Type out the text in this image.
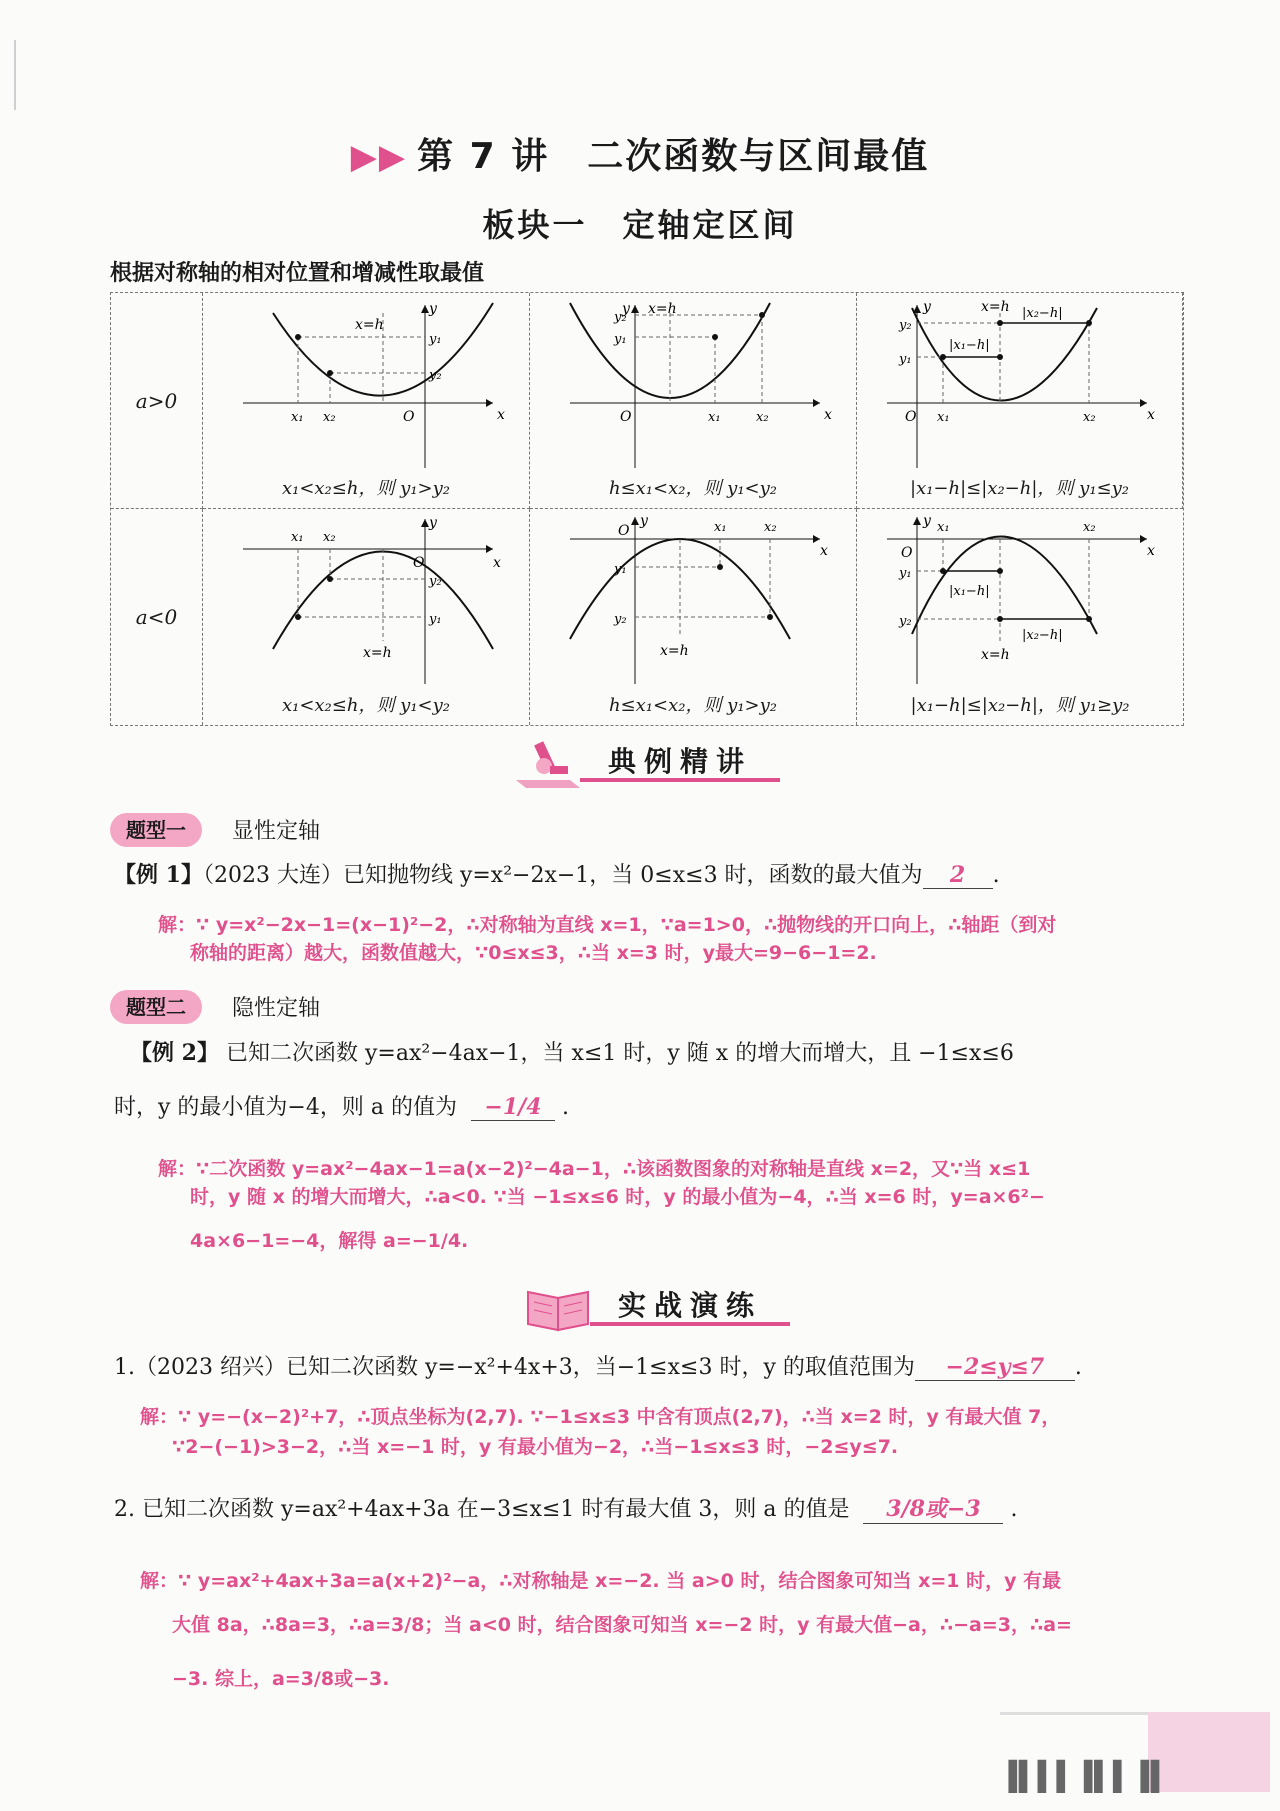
▶▶ 第 7 讲　二次函数与区间最值
板块一　定轴定区间
根据对称轴的相对位置和增减性取最值
a>0
x=h
y
y₁
y₂
O	x
x₁ x₂
x₁<x₂≤h，则 y₁>y₂
x=h
y
y₁
y₂
O	x
x₁	x₂
h≤x₁<x₂，则 y₁<y₂
x=h
y
y₁
y₂
|x₁−h|
|x₂−h|
O	x
x₁	x₂
|x₁−h|≤|x₂−h|，则 y₁≤y₂
a<0
x=h
y
y₁
y₂
O	x
x₁ x₂
x₁<x₂≤h，则 y₁<y₂
x=h
y
y₁
y₂
O
x
x₁	x₂
h≤x₁<x₂，则 y₁>y₂
x=h
y
y₁
y₂
|x₁−h|
|x₂−h|
O	x
x₁	x₂
|x₁−h|≤|x₂−h|，则 y₁≥y₂
典例精讲
题型一	显性定轴
【例 1】（2023 大连）已知抛物线 y=x²−2x−1，当 0≤x≤3 时，函数的最大值为 2 .
解：∵ y=x²−2x−1=(x−1)²−2，∴对称轴为直线 x=1，∵a=1>0，∴抛物线的开口向上，∴轴距（到对
称轴的距离）越大，函数值越大，∵0≤x≤3，∴当 x=3 时，y最大=9−6−1=2.
题型二	隐性定轴
【例 2】 已知二次函数 y=ax²−4ax−1，当 x≤1 时，y 随 x 的增大而增大，且 −1≤x≤6
时，y 的最小值为−4，则 a 的值为 −1/4 .
解：∵二次函数 y=ax²−4ax−1=a(x−2)²−4a−1，∴该函数图象的对称轴是直线 x=2，又∵当 x≤1
时，y 随 x 的增大而增大，∴a<0. ∵当 −1≤x≤6 时，y 的最小值为−4，∴当 x=6 时，y=a×6²−
4a×6−1=−4，解得 a=−1/4.
实战演练
1.（2023 绍兴）已知二次函数 y=−x²+4x+3，当−1≤x≤3 时，y 的取值范围为 −2≤y≤7 .
解：∵ y=−(x−2)²+7，∴顶点坐标为(2,7). ∵−1≤x≤3 中含有顶点(2,7)，∴当 x=2 时，y 有最大值 7，
∵2−(−1)>3−2，∴当 x=−1 时，y 有最小值为−2，∴当−1≤x≤3 时，−2≤y≤7.
2. 已知二次函数 y=ax²+4ax+3a 在−3≤x≤1 时有最大值 3，则 a 的值是 3/8或−3 .
解：∵ y=ax²+4ax+3a=a(x+2)²−a，∴对称轴是 x=−2. 当 a>0 时，结合图象可知当 x=1 时，y 有最
大值 8a，∴8a=3，∴a=3/8；当 a<0 时，结合图象可知当 x=−2 时，y 有最大值−a，∴−a=3，∴a=
−3. 综上，a=3/8或−3.
▐▌▌▌▐▌▌▐▌
